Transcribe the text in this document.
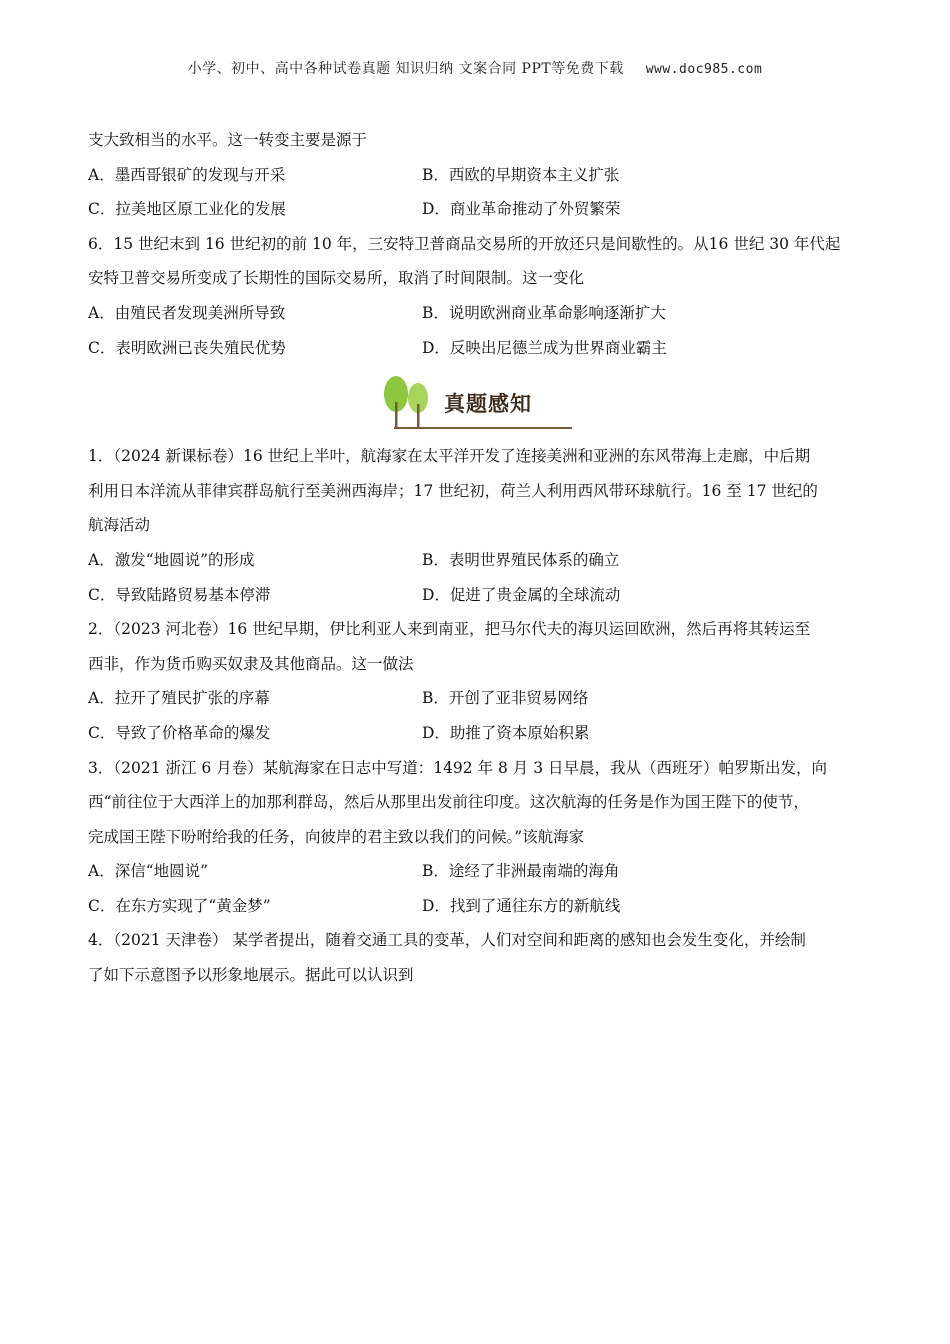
小学、初中、高中各种试卷真题 知识归纳 文案合同 PPT等免费下载 www.doc985.com

支大致相当的水平。这一转变主要是源于

A．墨西哥银矿的发现与开采	B．西欧的早期资本主义扩张
C．拉美地区原工业化的发展	D．商业革命推动了外贸繁荣

6．15 世纪末到 16 世纪初的前 10 年，三安特卫普商品交易所的开放还只是间歇性的。从16 世纪 30 年代起

安特卫普交易所变成了长期性的国际交易所，取消了时间限制。这一变化

A．由殖民者发现美洲所导致	B．说明欧洲商业革命影响逐渐扩大
C．表明欧洲已丧失殖民优势	D．反映出尼德兰成为世界商业霸主
真题感知

1．（2024 新课标卷）16 世纪上半叶，航海家在太平洋开发了连接美洲和亚洲的东风带海上走廊，中后期

利用日本洋流从菲律宾群岛航行至美洲西海岸；17 世纪初，荷兰人利用西风带环球航行。16 至 17 世纪的

航海活动

A．激发“地圆说”的形成	B．表明世界殖民体系的确立
C．导致陆路贸易基本停滞	D．促进了贵金属的全球流动

2．（2023 河北卷）16 世纪早期，伊比利亚人来到南亚，把马尔代夫的海贝运回欧洲，然后再将其转运至

西非，作为货币购买奴隶及其他商品。这一做法

A．拉开了殖民扩张的序幕	B．开创了亚非贸易网络
C．导致了价格革命的爆发	D．助推了资本原始积累

3．（2021 浙江 6 月卷）某航海家在日志中写道：1492 年 8 月 3 日早晨，我从（西班牙）帕罗斯出发，向

西“前往位于大西洋上的加那利群岛，然后从那里出发前往印度。这次航海的任务是作为国王陛下的使节，

完成国王陛下吩咐给我的任务，向彼岸的君主致以我们的问候。”该航海家

A．深信“地圆说”	B．途经了非洲最南端的海角
C．在东方实现了“黄金梦”	D．找到了通往东方的新航线

4．（2021 天津卷） 某学者提出，随着交通工具的变革，人们对空间和距离的感知也会发生变化，并绘制

了如下示意图予以形象地展示。据此可以认识到
